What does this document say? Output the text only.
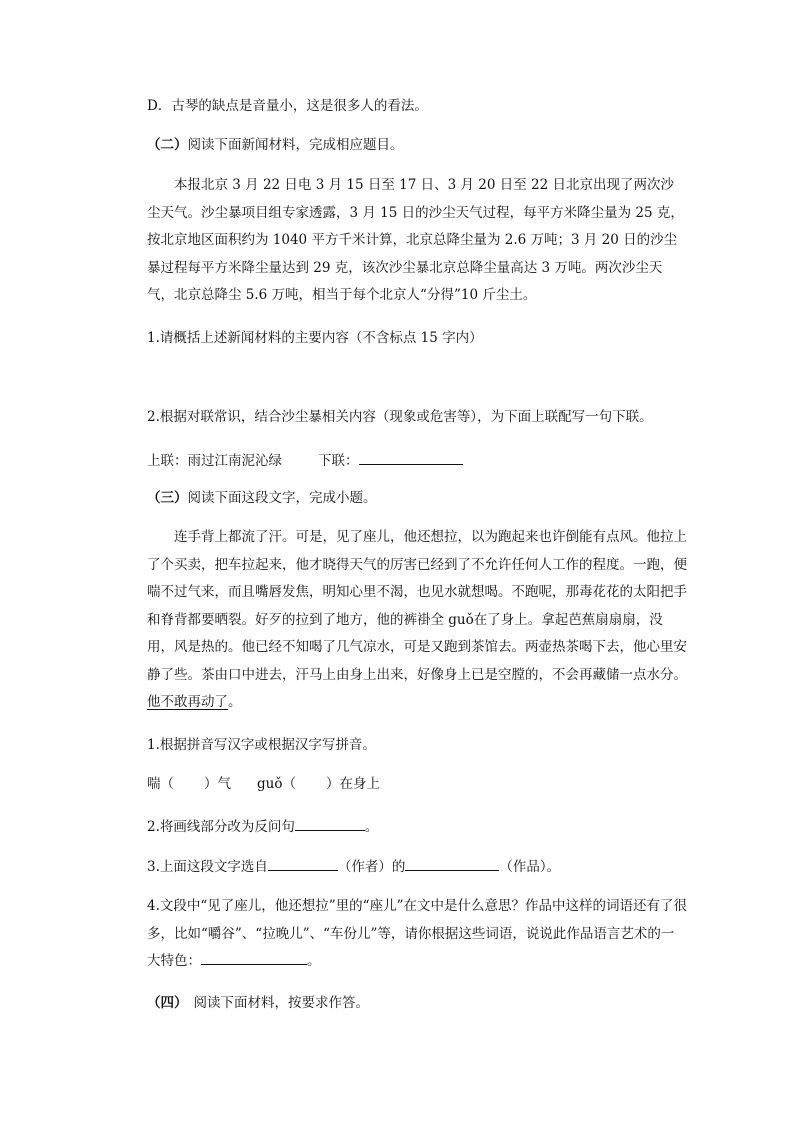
D．古琴的缺点是音量小，这是很多人的看法。
（二）阅读下面新闻材料，完成相应题目。
本报北京 3 月 22 日电 3 月 15 日至 17 日、3 月 20 日至 22 日北京出现了两次沙尘天气。沙尘暴项目组专家透露，3 月 15 日的沙尘天气过程，每平方米降尘量为 25 克，按北京地区面积约为 1040 平方千米计算，北京总降尘量为 2.6 万吨；3 月 20 日的沙尘暴过程每平方米降尘量达到 29 克，该次沙尘暴北京总降尘量高达 3 万吨。两次沙尘天气，北京总降尘 5.6 万吨，相当于每个北京人“分得”10 斤尘土。
1.请概括上述新闻材料的主要内容（不含标点 15 字内）
2.根据对联常识，结合沙尘暴相关内容（现象或危害等），为下面上联配写一句下联。
上联：雨过江南泥沁绿	下联：
（三）阅读下面这段文字，完成小题。
连手背上都流了汗。可是，见了座儿，他还想拉，以为跑起来也许倒能有点风。他拉上了个买卖，把车拉起来，他才晓得天气的厉害已经到了不允许任何人工作的程度。一跑，便喘不过气来，而且嘴唇发焦，明知心里不渴，也见水就想喝。不跑呢，那毒花花的太阳把手和脊背都要晒裂。好歹的拉到了地方，他的裤褂全 guǒ在了身上。拿起芭蕉扇扇扇，没用，风是热的。他已经不知喝了几气凉水，可是又跑到茶馆去。两壶热茶喝下去，他心里安静了些。茶由口中进去，汗马上由身上出来，好像身上已是空膛的，不会再藏储一点水分。他不敢再动了。
1.根据拼音写汉字或根据汉字写拼音。
喘（ ）气 guǒ（ ）在身上
2.将画线部分改为反问句	。
3.上面这段文字选自	（作者）的	（作品）。
4.文段中“见了座儿，他还想拉”里的“座儿”在文中是什么意思？作品中这样的词语还有了很多，比如“嚼谷”、“拉晚儿”、“车份儿”等，请你根据这些词语，说说此作品语言艺术的一大特色：	。
（四） 阅读下面材料，按要求作答。
